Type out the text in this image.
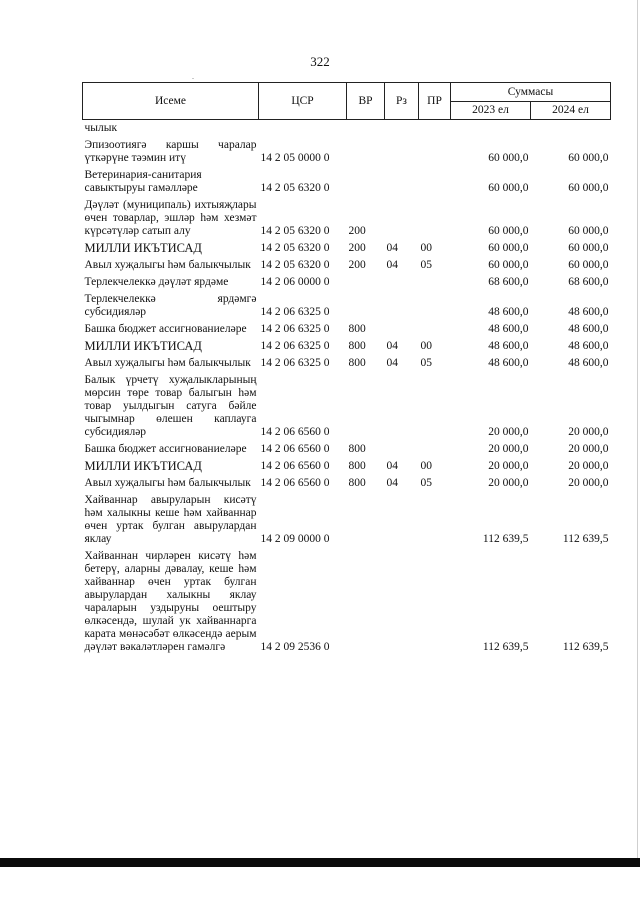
322
.
Исеме	ЦСР	ВР	Рз	ПР	Суммасы	
					2023 ел	2024 ел
чылык						
Эпизоотиягә каршы чаралар үткәрүне тәэмин итү	14 2 05 0000 0				60 000,0	60 000,0
Ветеринария-санитария савыктыруы гамәлләре	14 2 05 6320 0				60 000,0	60 000,0
Дәүләт (муниципаль) ихтыяҗлары өчен товарлар, эшләр һәм хезмәт күрсәтүләр сатып алу	14 2 05 6320 0	200			60 000,0	60 000,0
МИЛЛИ ИКЪТИСАД	14 2 05 6320 0	200	04	00	60 000,0	60 000,0
Авыл хуҗалыгы һәм балыкчылык	14 2 05 6320 0	200	04	05	60 000,0	60 000,0
Терлекчелеккә дәүләт ярдәме	14 2 06 0000 0				68 600,0	68 600,0
Терлекчелеккә ярдәмгә субсидияләр	14 2 06 6325 0				48 600,0	48 600,0
Башка бюджет ассигнованиеләре	14 2 06 6325 0	800			48 600,0	48 600,0
МИЛЛИ ИКЪТИСАД	14 2 06 6325 0	800	04	00	48 600,0	48 600,0
Авыл хуҗалыгы һәм балыкчылык	14 2 06 6325 0	800	04	05	48 600,0	48 600,0
Балык үрчетү хуҗалыкларының мөрсин төре товар балыгын һәм товар уылдыгын сатуга бәйле чыгымнар өлешен каплауга субсидияләр	14 2 06 6560 0				20 000,0	20 000,0
Башка бюджет ассигнованиеләре	14 2 06 6560 0	800			20 000,0	20 000,0
МИЛЛИ ИКЪТИСАД	14 2 06 6560 0	800	04	00	20 000,0	20 000,0
Авыл хуҗалыгы һәм балыкчылык	14 2 06 6560 0	800	04	05	20 000,0	20 000,0
Хайваннар авыруларын кисәтү һәм халыкны кеше һәм хайваннар өчен уртак булган авырулардан яклау	14 2 09 0000 0				112 639,5	112 639,5
Хайваннан чирләрен кисәтү һәм бетерү, аларны дәвалау, кеше һәм хайваннар өчен уртак булган авырулардан халыкны яклау чараларын уздыруны оештыру өлкәсендә, шулай ук хайваннарга карата мөнәсәбәт өлкәсендә аерым дәүләт вәкаләтләрен гамәлгә	14 2 09 2536 0				112 639,5	112 639,5
